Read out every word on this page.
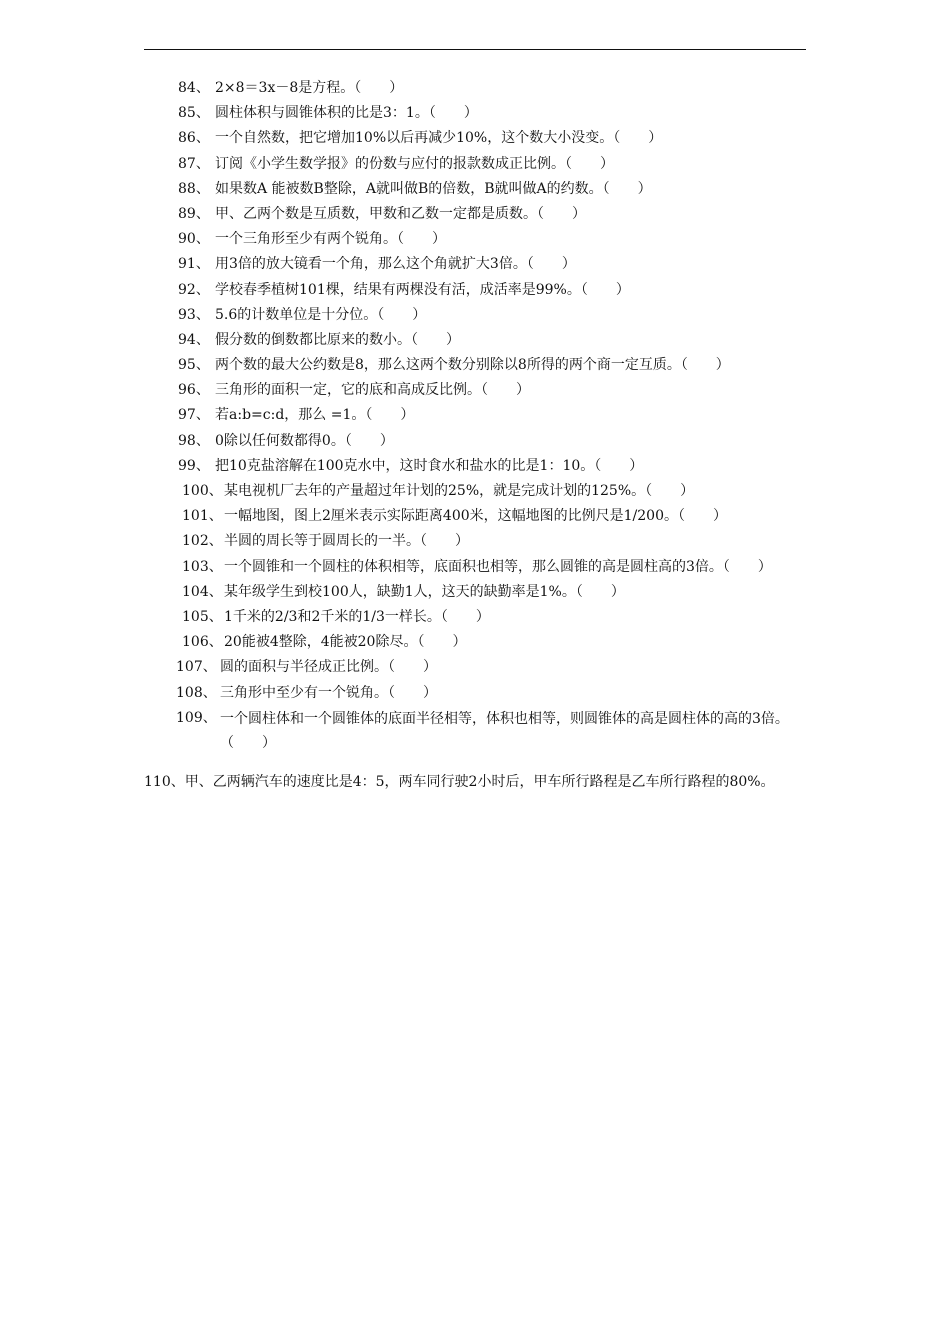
84、 2×8＝3x－8是方程。（　　）
85、 圆柱体积与圆锥体积的比是3：1。（　　）
86、 一个自然数，把它增加10%以后再减少10%，这个数大小没变。（　　）
87、 订阅《小学生数学报》的份数与应付的报款数成正比例。（　　）
88、 如果数A 能被数B整除，A就叫做B的倍数，B就叫做A的约数。（　　）
89、 甲、乙两个数是互质数，甲数和乙数一定都是质数。（　　）
90、 一个三角形至少有两个锐角。（　　）
91、 用3倍的放大镜看一个角，那么这个角就扩大3倍。（　　）
92、 学校春季植树101棵，结果有两棵没有活，成活率是99%。（　　）
93、 5.6的计数单位是十分位。（　　）
94、 假分数的倒数都比原来的数小。（　　）
95、 两个数的最大公约数是8，那么这两个数分别除以8所得的两个商一定互质。（　　）
96、 三角形的面积一定，它的底和高成反比例。（　　）
97、 若a:b=c:d，那么 =1。（　　）
98、 0除以任何数都得0。（　　）
99、 把10克盐溶解在100克水中，这时食水和盐水的比是1：10。（　　）
100、 某电视机厂去年的产量超过年计划的25%，就是完成计划的125%。（　　）
101、 一幅地图，图上2厘米表示实际距离400米，这幅地图的比例尺是1/200。（　　）
102、 半圆的周长等于圆周长的一半。（　　）
103、 一个圆锥和一个圆柱的体积相等，底面积也相等，那么圆锥的高是圆柱高的3倍。（　　）
104、 某年级学生到校100人，缺勤1人，这天的缺勤率是1%。（　　）
105、 1千米的2/3和2千米的1/3一样长。（　　）
106、 20能被4整除，4能被20除尽。（　　）
107、 圆的面积与半径成正比例。（　　）
108、 三角形中至少有一个锐角。（　　）
109、 一个圆柱体和一个圆锥体的底面半径相等，体积也相等，则圆锥体的高是圆柱体的高的3倍。（　　）
110、甲、乙两辆汽车的速度比是4：5，两车同行驶2小时后，甲车所行路程是乙车所行路程的80%。
